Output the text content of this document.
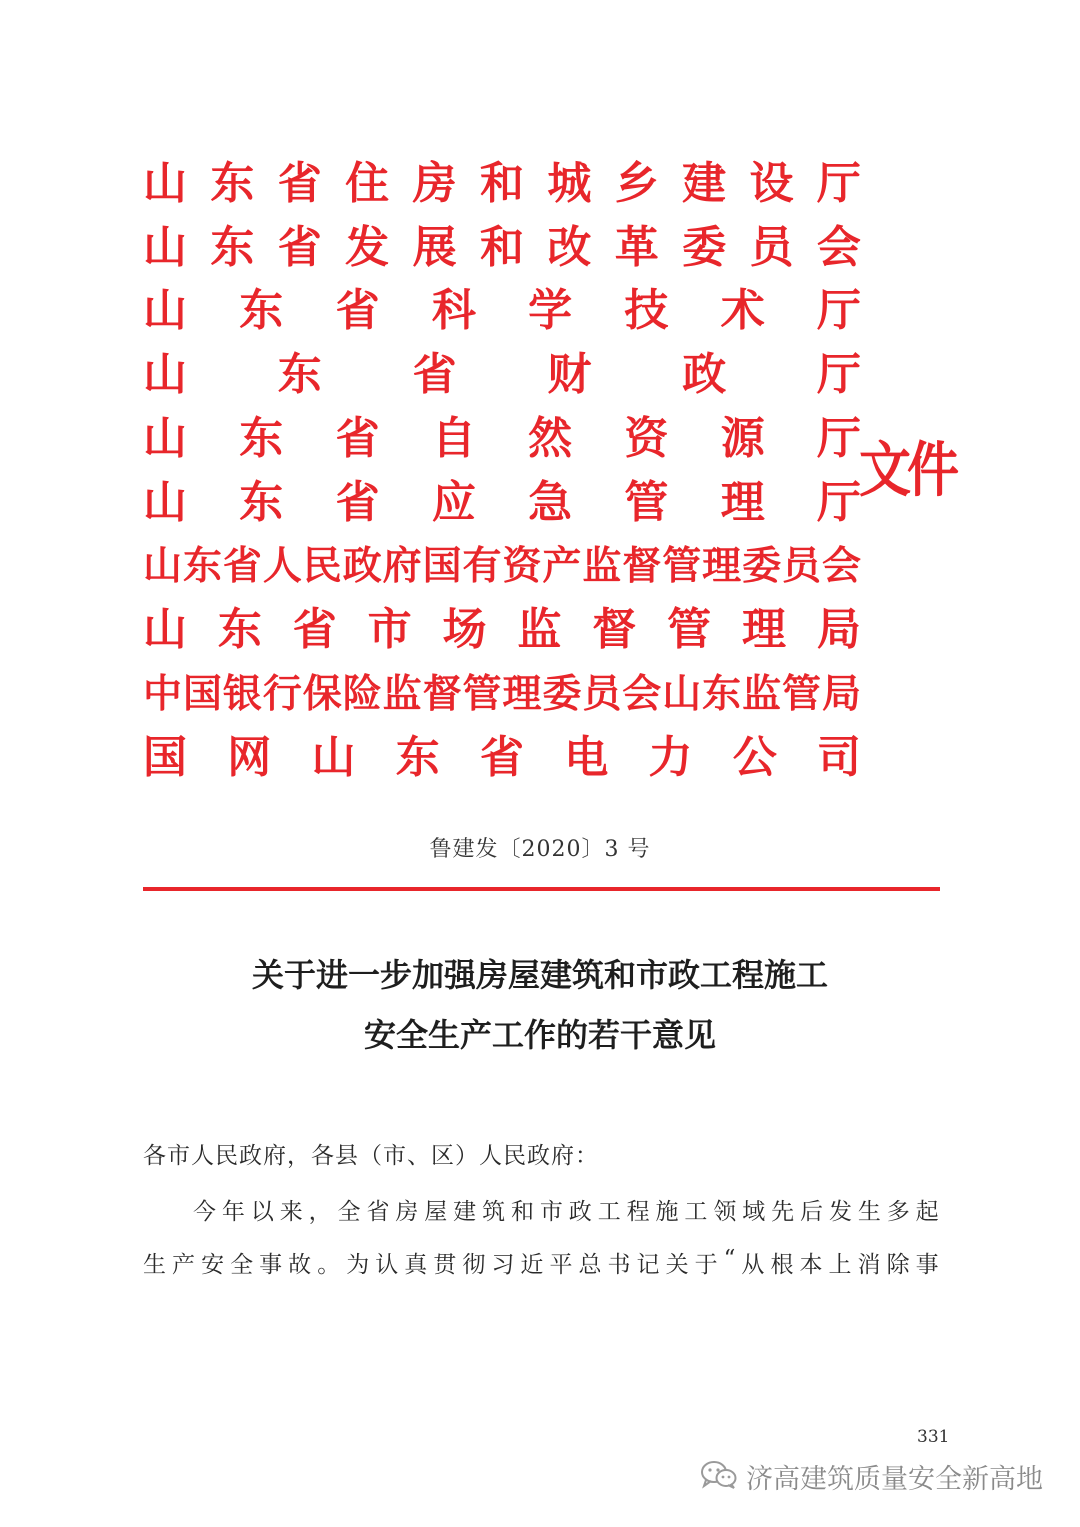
山 东 省 住 房 和 城 乡 建 设 厅
山 东 省 发 展 和 改 革 委 员 会
山 东 省 科 学 技 术 厅
山 东 省 财 政 厅
山 东 省 自 然 资 源 厅
山 东 省 应 急 管 理 厅
山 东 省 人 民 政 府 国 有 资 产 监 督 管 理 委 员 会
山 东 省 市 场 监 督 管 理 局
中 国 银 行 保 险 监 督 管 理 委 员 会 山 东 监 管 局
国 网 山 东 省 电 力 公 司
文件
鲁建发〔2020〕3 号
关于进一步加强房屋建筑和市政工程施工
安全生产工作的若干意见
各市人民政府，各县（市、区）人民政府：
今 年 以 来 ， 全 省 房 屋 建 筑 和 市 政 工 程 施 工 领 域 先 后 发 生 多 起
生 产 安 全 事 故 。 为 认 真 贯 彻 习 近 平 总 书 记 关 于 “ 从 根 本 上 消 除 事
331
济高建筑质量安全新高地
